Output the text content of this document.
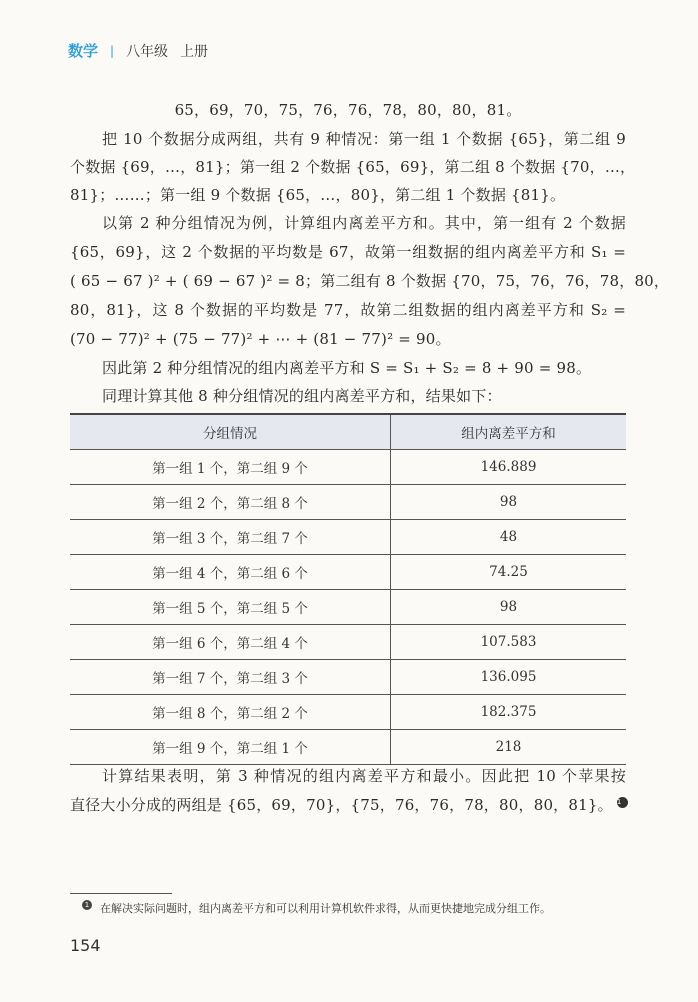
数学 | 八年级 上册
65，69，70，75，76，76，78，80，80，81。
把 10 个数据分成两组，共有 9 种情况：第一组 1 个数据 {65}，第二组 9
个数据 {69，…，81}；第一组 2 个数据 {65，69}，第二组 8 个数据 {70，…，
81}；……；第一组 9 个数据 {65，…，80}，第二组 1 个数据 {81}。
以第 2 种分组情况为例，计算组内离差平方和。其中，第一组有 2 个数据
{65，69}，这 2 个数据的平均数是 67，故第一组数据的组内离差平方和 S₁ =
( 65 − 67 )² + ( 69 − 67 )² = 8；第二组有 8 个数据 {70，75，76，76，78，80，
80，81}，这 8 个数据的平均数是 77，故第二组数据的组内离差平方和 S₂ =
(70 − 77)² + (75 − 77)² + ⋯ + (81 − 77)² = 90。
因此第 2 种分组情况的组内离差平方和 S = S₁ + S₂ = 8 + 90 = 98。
同理计算其他 8 种分组情况的组内离差平方和，结果如下：
分组情况	组内离差平方和
第一组 1 个，第二组 9 个	146.889
第一组 2 个，第二组 8 个	98
第一组 3 个，第二组 7 个	48
第一组 4 个，第二组 6 个	74.25
第一组 5 个，第二组 5 个	98
第一组 6 个，第二组 4 个	107.583
第一组 7 个，第二组 3 个	136.095
第一组 8 个，第二组 2 个	182.375
第一组 9 个，第二组 1 个	218
计算结果表明，第 3 种情况的组内离差平方和最小。因此把 10 个苹果按
直径大小分成的两组是 {65，69，70}，{75，76，76，78，80，80，81}。 1
1 在解决实际问题时，组内离差平方和可以利用计算机软件求得，从而更快捷地完成分组工作。
154
